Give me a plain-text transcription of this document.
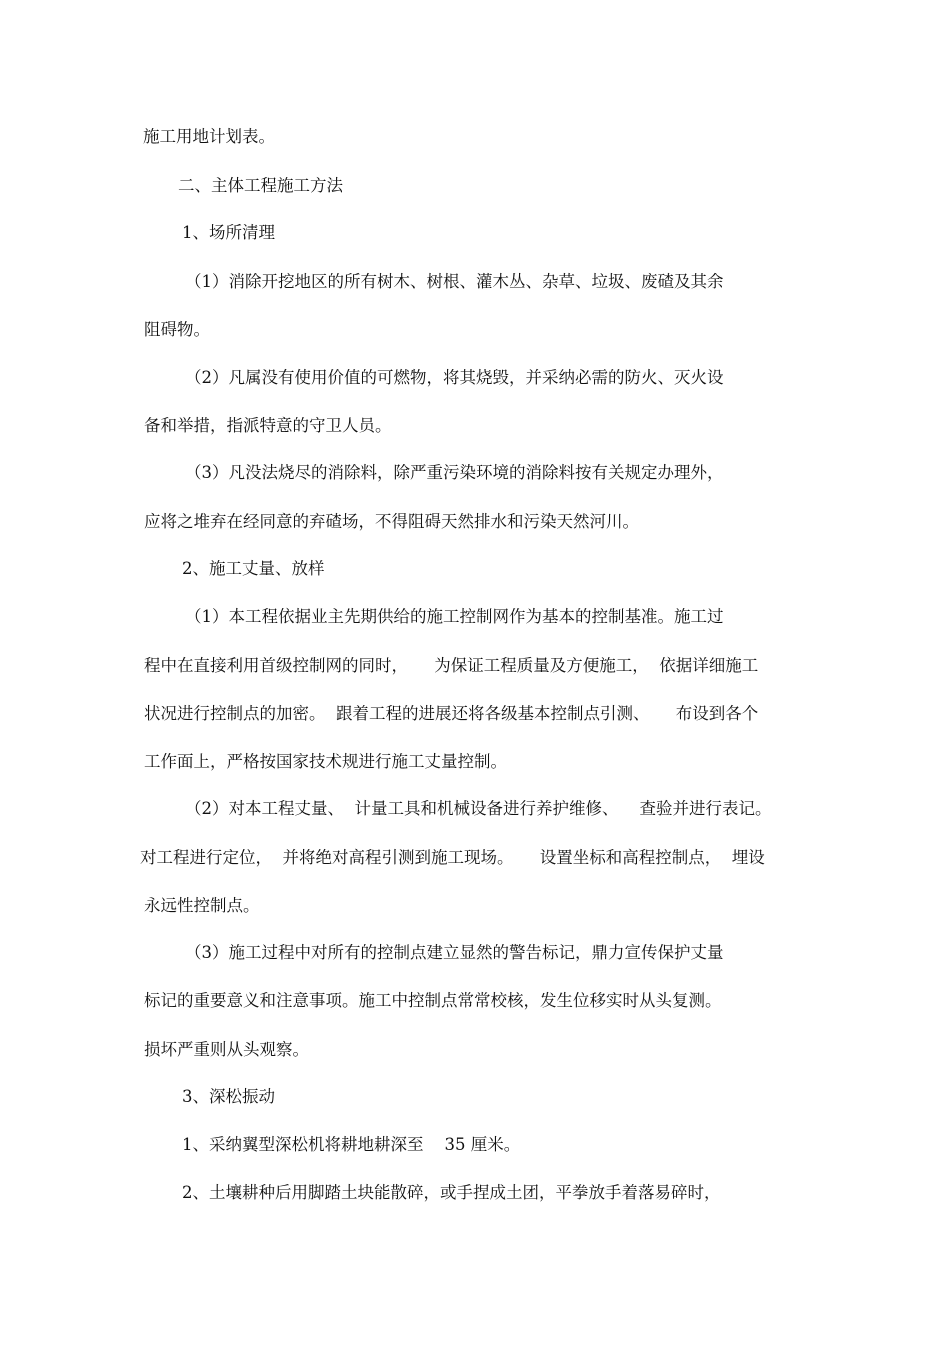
施工用地计划表。

二、主体工程施工方法

1、场所清理

（1）消除开挖地区的所有树木、树根、灌木丛、杂草、垃圾、废碴及其余

阻碍物。

（2）凡属没有使用价值的可燃物，将其烧毁，并采纳必需的防火、灭火设

备和举措，指派特意的守卫人员。

（3）凡没法烧尽的消除料，除严重污染环境的消除料按有关规定办理外，

应将之堆弃在经同意的弃碴场，不得阻碍天然排水和污染天然河川。

2、施工丈量、放样

（1）本工程依据业主先期供给的施工控制网作为基本的控制基准。施工过

程中在直接利用首级控制网的同时，     为保证工程质量及方便施工，  依据详细施工

状况进行控制点的加密。  跟着工程的进展还将各级基本控制点引测、     布设到各个

工作面上，严格按国家技术规进行施工丈量控制。

（2）对本工程丈量、  计量工具和机械设备进行养护维修、    查验并进行表记。

对工程进行定位，  并将绝对高程引测到施工现场。     设置坐标和高程控制点，  埋设

永远性控制点。

（3）施工过程中对所有的控制点建立显然的警告标记，鼎力宣传保护丈量

标记的重要意义和注意事项。施工中控制点常常校核，发生位移实时从头复测。

损坏严重则从头观察。

3、深松振动

1、采纳翼型深松机将耕地耕深至    35 厘米。

2、土壤耕种后用脚踏土块能散碎，或手捏成土团，平拳放手着落易碎时，
